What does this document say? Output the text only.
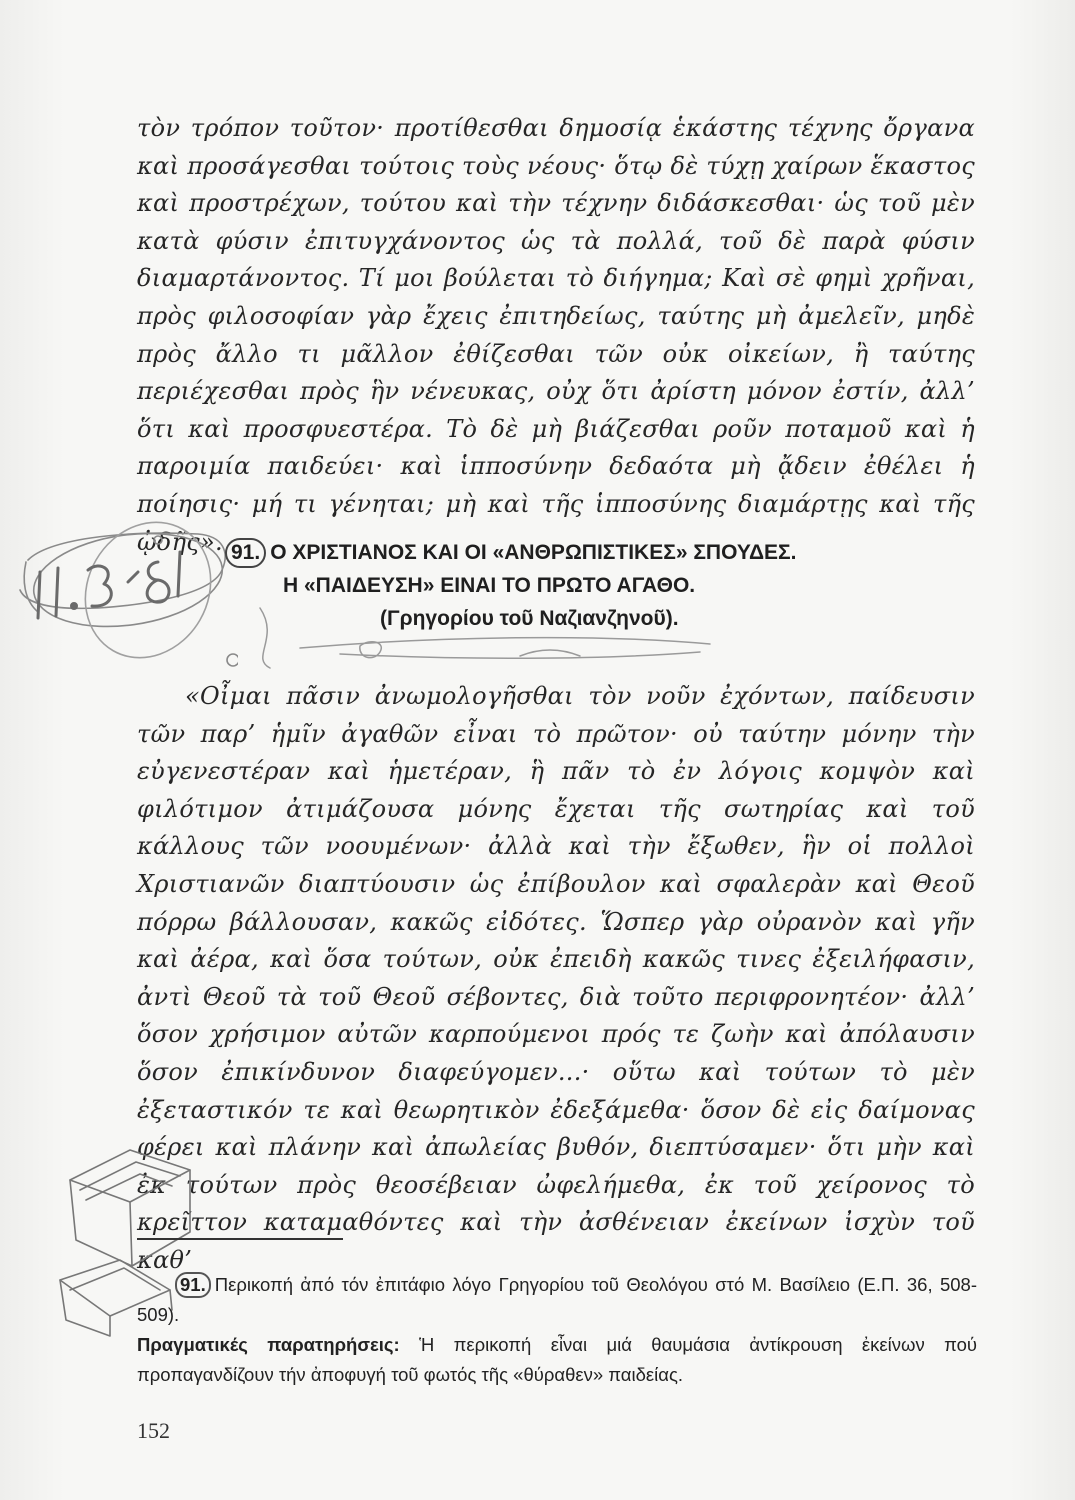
τὸν τρόπον τοῦτον· προτίθεσθαι δημοσίᾳ ἑκάστης τέχνης ὄργανα καὶ προσάγεσθαι τούτοις τοὺς νέους· ὅτῳ δὲ τύχῃ χαίρων ἕκαστος καὶ προστρέχων, τούτου καὶ τὴν τέχνην διδάσκεσθαι· ὡς τοῦ μὲν κατὰ φύσιν ἐπιτυγχάνοντος ὡς τὰ πολλά, τοῦ δὲ παρὰ φύσιν διαμαρτάνοντος. Τί μοι βούλεται τὸ διήγημα; Καὶ σὲ φημὶ χρῆναι, πρὸς φιλοσοφίαν γὰρ ἔχεις ἐπιτηδείως, ταύτης μὴ ἀμελεῖν, μηδὲ πρὸς ἄλλο τι μᾶλλον ἐθίζεσθαι τῶν οὐκ οἰκείων, ἢ ταύτης περιέχεσθαι πρὸς ἣν νένευκας, οὐχ ὅτι ἀρίστη μόνον ἐστίν, ἀλλ’ ὅτι καὶ προσφυεστέρα. Τὸ δὲ μὴ βιάζεσθαι ροῦν ποταμοῦ καὶ ἡ παροιμία παιδεύει· καὶ ἱπποσύνην δεδαότα μὴ ᾄδειν ἐθέλει ἡ ποίησις· μή τι γένηται; μὴ καὶ τῆς ἱπποσύνης διαμάρτῃς καὶ τῆς ᾠδῆς». 91. Ο ΧΡΙΣΤΙΑΝΟΣ ΚΑΙ ΟΙ «ΑΝΘΡΩΠΙΣΤΙΚΕΣ» ΣΠΟΥΔΕΣ.
Η «ΠΑΙΔΕΥΣΗ» ΕΙΝΑΙ ΤΟ ΠΡΩΤΟ ΑΓΑΘΟ.
(Γρηγορίου τοῦ Ναζιανζηνοῦ).

«Οἶμαι πᾶσιν ἀνωμολογῆσθαι τὸν νοῦν ἐχόντων, παίδευσιν τῶν παρ’ ἡμῖν ἀγαθῶν εἶναι τὸ πρῶτον· οὐ ταύτην μόνην τὴν εὐγενεστέραν καὶ ἡμετέραν, ἣ πᾶν τὸ ἐν λόγοις κομψὸν καὶ φιλότιμον ἀτιμάζουσα μόνης ἔχεται τῆς σωτηρίας καὶ τοῦ κάλλους τῶν νοουμένων· ἀλλὰ καὶ τὴν ἔξωθεν, ἣν οἱ πολλοὶ Χριστιανῶν διαπτύουσιν ὡς ἐπίβουλον καὶ σφαλερὰν καὶ Θεοῦ πόρρω βάλλουσαν, κακῶς εἰδότες. Ὥσπερ γὰρ οὐρανὸν καὶ γῆν καὶ ἀέρα, καὶ ὅσα τούτων, οὐκ ἐπειδὴ κακῶς τινες ἐξειλήφασιν, ἀντὶ Θεοῦ τὰ τοῦ Θεοῦ σέβοντες, διὰ τοῦτο περιφρονητέον· ἀλλ’ ὅσον χρήσιμον αὐτῶν καρπούμενοι πρός τε ζωὴν καὶ ἀπόλαυσιν ὅσον ἐπικίνδυνον διαφεύγομεν...· οὕτω καὶ τούτων τὸ μὲν ἐξεταστικόν τε καὶ θεωρητικὸν ἐδεξάμεθα· ὅσον δὲ εἰς δαίμονας φέρει καὶ πλάνην καὶ ἀπωλείας βυθόν, διεπτύσαμεν· ὅτι μὴν καὶ ἐκ τούτων πρὸς θεοσέβειαν ὠφελήμεθα, ἐκ τοῦ χείρονος τὸ κρεῖττον καταμαθόντες καὶ τὴν ἀσθένειαν ἐκείνων ἰσχὺν τοῦ καθ’

91. Περικοπή ἀπό τόν ἐπιτάφιο λόγο Γρηγορίου τοῦ Θεολόγου στό Μ. Βασίλειο (Ε.Π. 36, 508-509).

Πραγματικές παρατηρήσεις: Ἡ περικοπή εἶναι μιά θαυμάσια ἀντίκρουση ἐκείνων πού προπαγανδίζουν τήν ἀποφυγή τοῦ φωτός τῆς «θύραθεν» παιδείας.

152
